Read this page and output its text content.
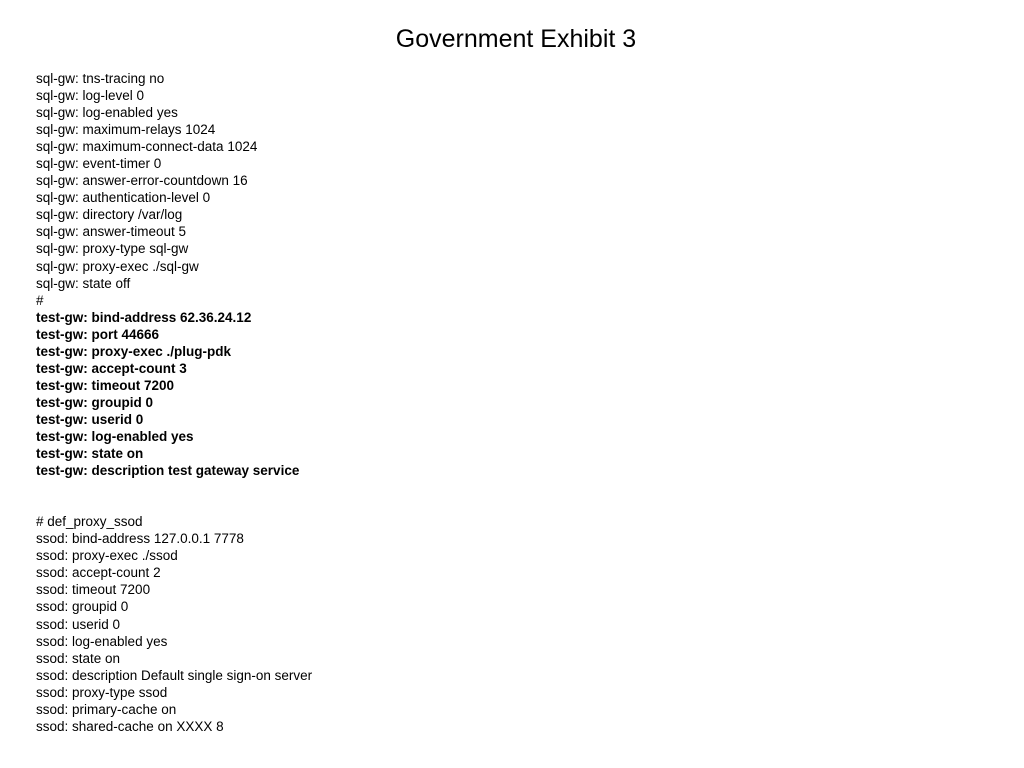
Government Exhibit 3
sql-gw: tns-tracing no
sql-gw: log-level 0
sql-gw: log-enabled yes
sql-gw: maximum-relays 1024
sql-gw: maximum-connect-data 1024
sql-gw: event-timer 0
sql-gw: answer-error-countdown 16
sql-gw: authentication-level 0
sql-gw: directory /var/log
sql-gw: answer-timeout 5
sql-gw: proxy-type sql-gw
sql-gw: proxy-exec ./sql-gw
sql-gw: state off
#
test-gw: bind-address 62.36.24.12
test-gw: port 44666
test-gw: proxy-exec ./plug-pdk
test-gw: accept-count 3
test-gw: timeout 7200
test-gw: groupid 0
test-gw: userid 0
test-gw: log-enabled yes
test-gw: state on
test-gw: description test gateway service
# def_proxy_ssod
ssod: bind-address 127.0.0.1 7778
ssod: proxy-exec ./ssod
ssod: accept-count 2
ssod: timeout 7200
ssod: groupid 0
ssod: userid 0
ssod: log-enabled yes
ssod: state on
ssod: description Default single sign-on server
ssod: proxy-type ssod
ssod: primary-cache on
ssod: shared-cache on XXXX 8
